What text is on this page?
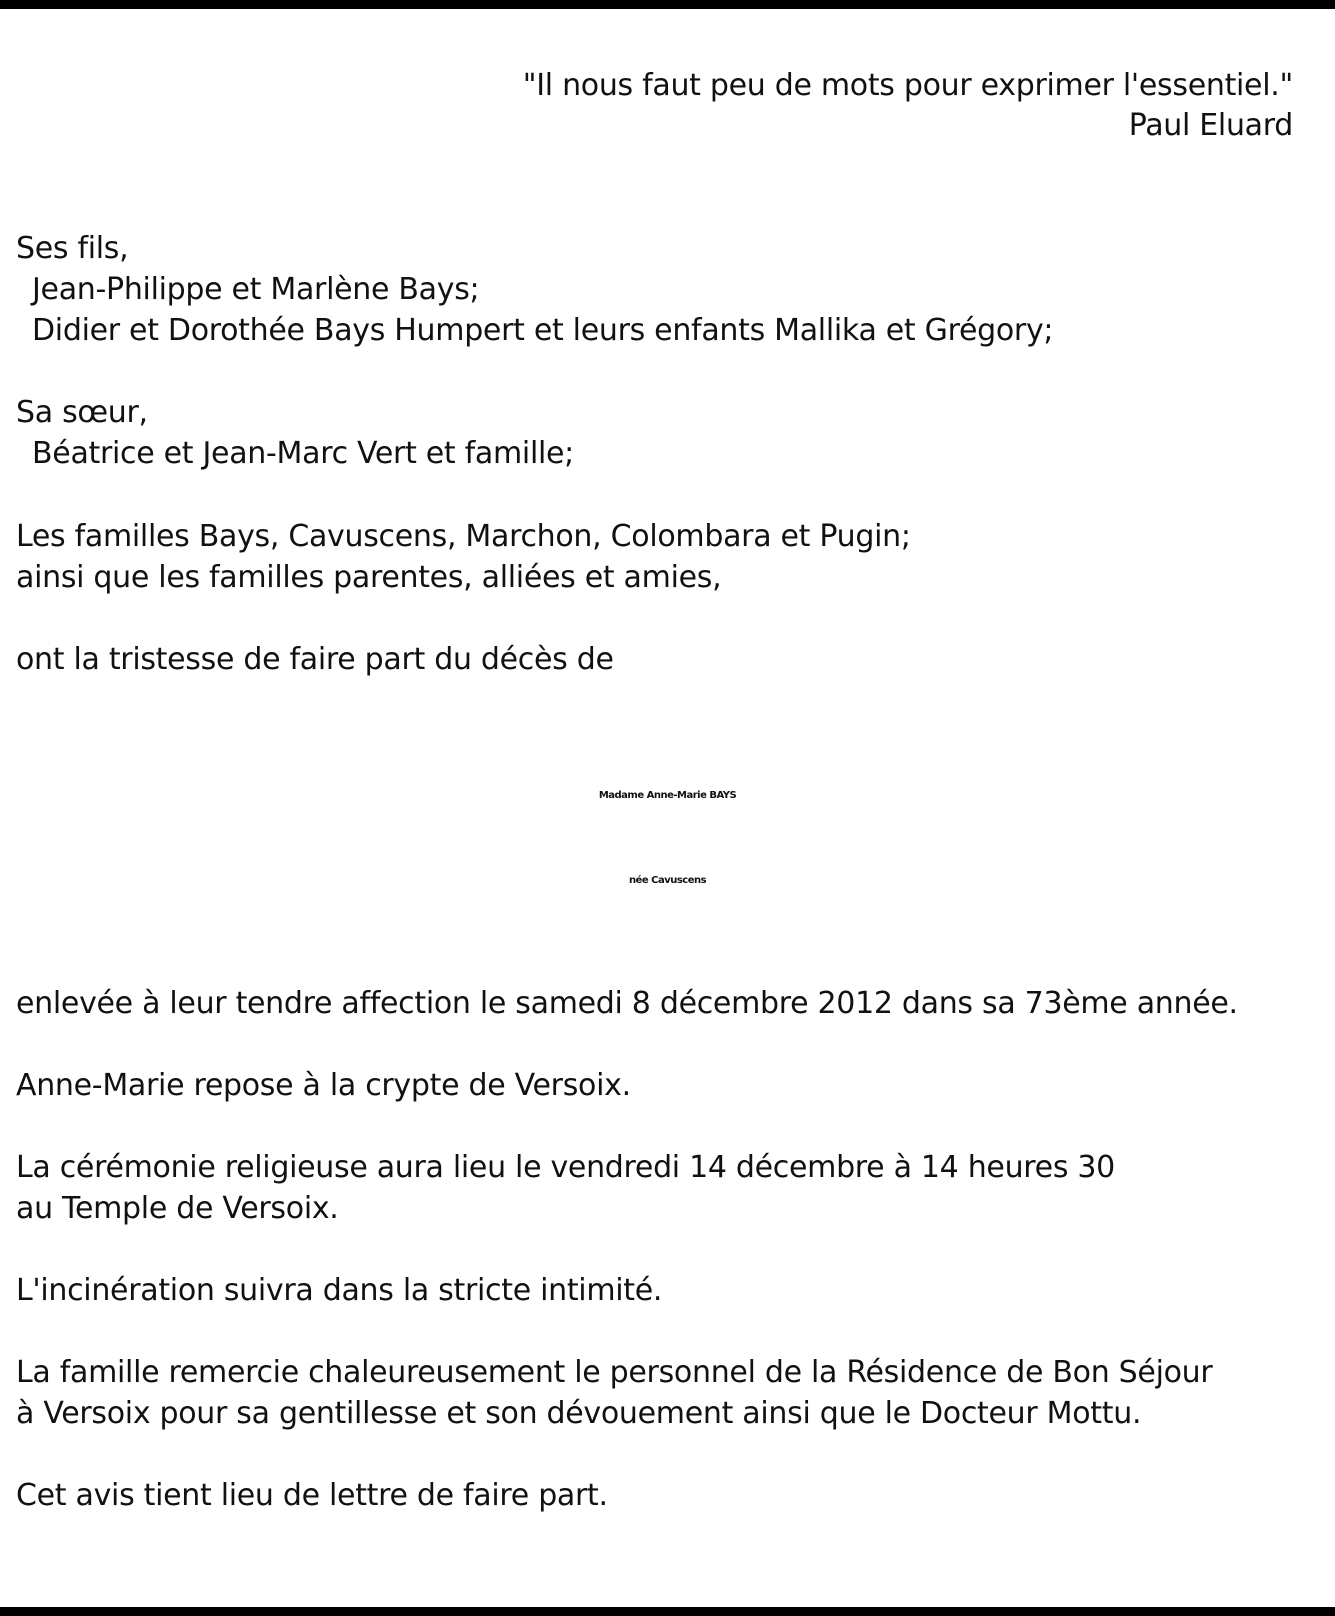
"Il nous faut peu de mots pour exprimer l'essentiel."
Paul Eluard
Ses fils,
Jean-Philippe et Marlène Bays;
Didier et Dorothée Bays Humpert et leurs enfants Mallika et Grégory;
Sa sœur,
Béatrice et Jean-Marc Vert et famille;
Les familles Bays, Cavuscens, Marchon, Colombara et Pugin;
ainsi que les familles parentes, alliées et amies,
ont la tristesse de faire part du décès de
Madame Anne-Marie BAYS
née Cavuscens
enlevée à leur tendre affection le samedi 8 décembre 2012 dans sa 73ème année.
Anne-Marie repose à la crypte de Versoix.
La cérémonie religieuse aura lieu le vendredi 14 décembre à 14 heures 30
au Temple de Versoix.
L'incinération suivra dans la stricte intimité.
La famille remercie chaleureusement le personnel de la Résidence de Bon Séjour
à Versoix pour sa gentillesse et son dévouement ainsi que le Docteur Mottu.
Cet avis tient lieu de lettre de faire part.
